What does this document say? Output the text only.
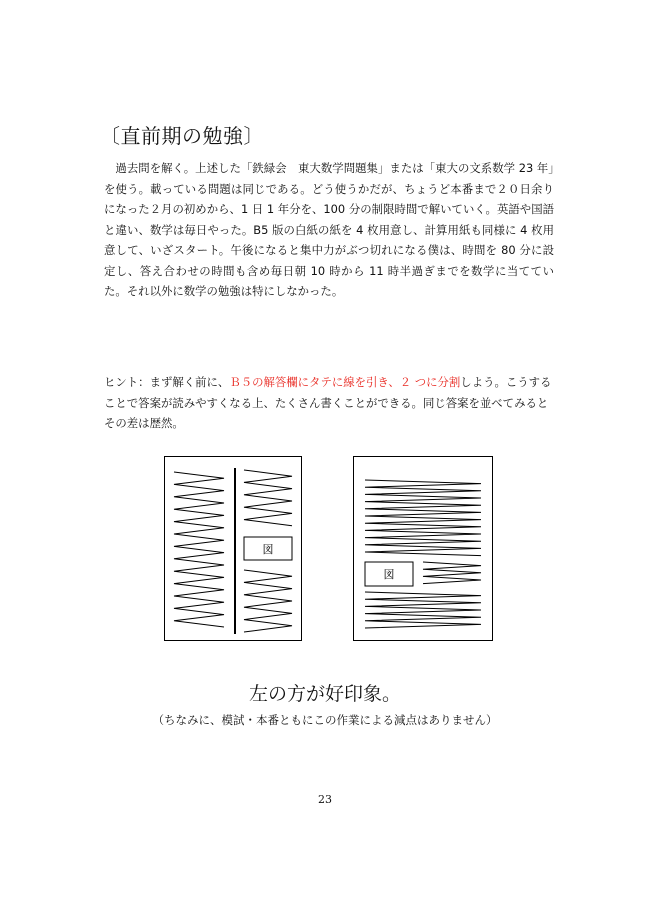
〔直前期の勉強〕
　過去問を解く。上述した「鉄緑会　東大数学問題集」または「東大の文系数学 23 年」を使う。載っている問題は同じである。どう使うかだが、ちょうど本番まで２０日余りになった２月の初めから、1 日 1 年分を、100 分の制限時間で解いていく。英語や国語と違い、数学は毎日やった。B5 版の白紙の紙を 4 枚用意し、計算用紙も同様に 4 枚用意して、いざスタート。午後になると集中力がぶつ切れになる僕は、時間を 80 分に設定し、答え合わせの時間も含め毎日朝 10 時から 11 時半過ぎまでを数学に当てていた。それ以外に数学の勉強は特にしなかった。
ヒント：まず解く前に、Ｂ５の解答欄にタテに線を引き、２ つに分割しよう。こうすることで答案が読みやすくなる上、たくさん書くことができる。同じ答案を並べてみるとその差は歴然。
図
図
左の方が好印象。
（ちなみに、模試・本番ともにこの作業による減点はありません）
23
